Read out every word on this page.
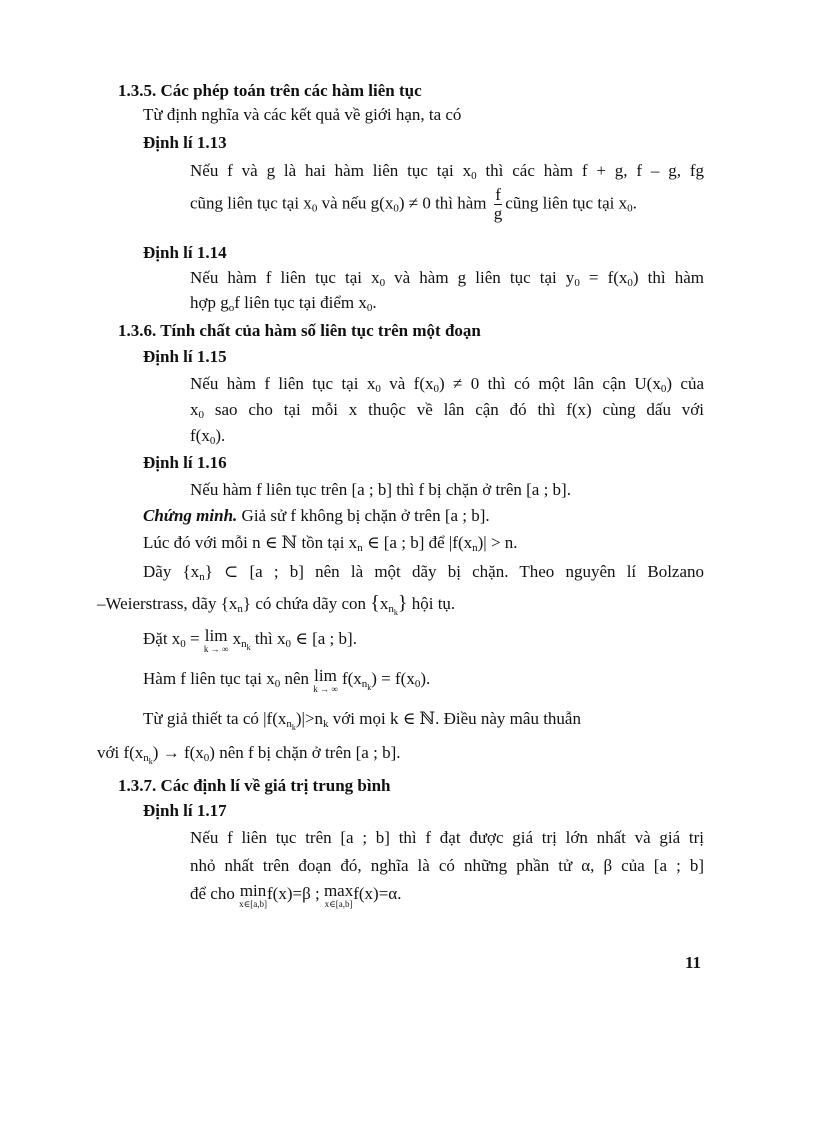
1.3.5. Các phép toán trên các hàm liên tục
Từ định nghĩa và các kết quả về giới hạn, ta có
Định lí 1.13
Nếu f và g là hai hàm liên tục tại $x_0$ thì các hàm f + g, f – g, fg
cũng liên tục tại $x_0$ và nếu $g(x_0) \ne 0$ thì hàm $\frac{f}{g}$ cũng liên tục tại $x_0$.
Định lí 1.14
Nếu hàm f liên tục tại $x_0$ và hàm g liên tục tại $y_0 = f(x_0)$ thì hàm
hợp $g_of$ liên tục tại điểm $x_0$.
1.3.6. Tính chất của hàm số liên tục trên một đoạn
Định lí 1.15
Nếu hàm f liên tục tại $x_0$ và $f(x_0) \ne 0$ thì có một lân cận $U(x_0)$ của
$x_0$ sao cho tại mỗi x thuộc về lân cận đó thì f(x) cùng dấu với
$f(x_0)$.
Định lí 1.16
Nếu hàm f liên tục trên [a ; b] thì f bị chặn ở trên [a ; b].
Chứng minh. Giả sử f không bị chặn ở trên [a ; b].
Lúc đó với mỗi n ∈ ℕ tồn tại $x_n$ ∈ [a ; b] để $|f(x_n)| > n$.
Dãy $\{x_n\}$ ⊂ [a ; b] nên là một dãy bị chặn. Theo nguyên lí Bolzano
–Weierstrass, dãy $\{x_n\}$ có chứa dãy con $\{x_{nk}\}$ hội tụ.
Đặt $x_0 = \lim$
k → ∞
$x_{nk}$ thì $x_0$ ∈ [a ; b].
Hàm f liên tục tại $x_0$ nên lim
k → ∞
$f(x_{nk}) = f(x_0)$.
Từ giả thiết ta có $|f(x_{nk})|>n_k$ với mọi k ∈ ℕ. Điều này mâu thuẫn
với $f(x_{nk}) \to f(x_0)$ nên f bị chặn ở trên [a ; b].
1.3.7. Các định lí về giá trị trung bình
Định lí 1.17
Nếu f liên tục trên [a ; b] thì f đạt được giá trị lớn nhất và giá trị
nhỏ nhất trên đoạn đó, nghĩa là có những phần tử α, β của [a ; b]
để cho min
x∈[a,b]
f(x)=β ; max
x∈[a,b]
f(x)=α.
11
